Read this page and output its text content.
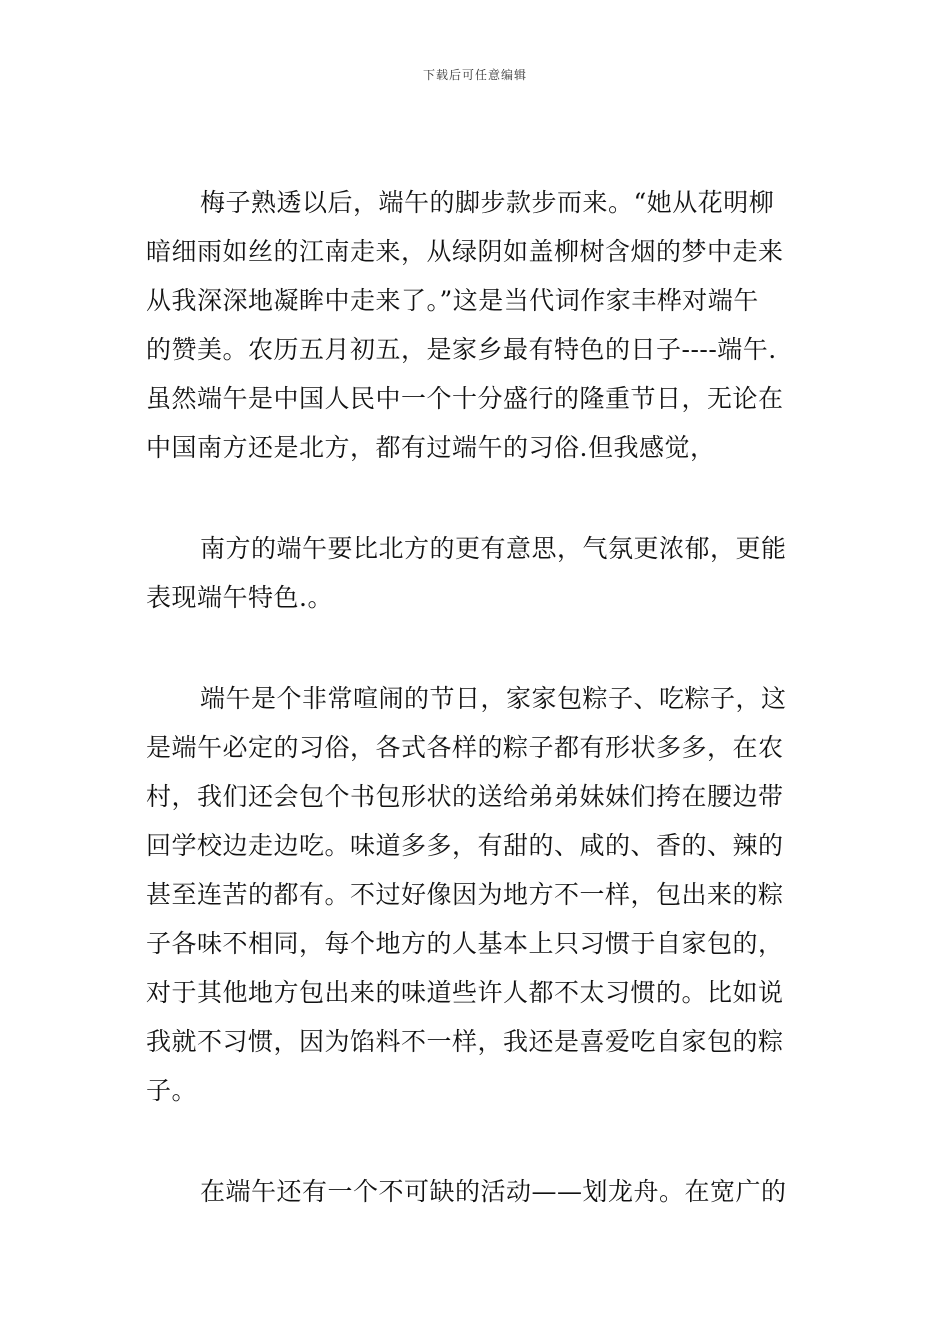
下载后可任意编辑

梅子熟透以后，端午的脚步款步而来。“她从花明柳
暗细雨如丝的江南走来，从绿阴如盖柳树含烟的梦中走来
从我深深地凝眸中走来了。”这是当代词作家丰桦对端午
的赞美。农历五月初五，是家乡最有特色的日子----端午.
虽然端午是中国人民中一个十分盛行的隆重节日，无论在
中国南方还是北方，都有过端午的习俗.但我感觉，

南方的端午要比北方的更有意思，气氛更浓郁，更能
表现端午特色.。

端午是个非常喧闹的节日，家家包粽子、吃粽子，这
是端午必定的习俗，各式各样的粽子都有形状多多，在农
村，我们还会包个书包形状的送给弟弟妹妹们挎在腰边带
回学校边走边吃。味道多多，有甜的、咸的、香的、辣的
甚至连苦的都有。不过好像因为地方不一样，包出来的粽
子各味不相同，每个地方的人基本上只习惯于自家包的，
对于其他地方包出来的味道些许人都不太习惯的。比如说
我就不习惯，因为馅料不一样，我还是喜爱吃自家包的粽
子。

在端午还有一个不可缺的活动——划龙舟。在宽广的
